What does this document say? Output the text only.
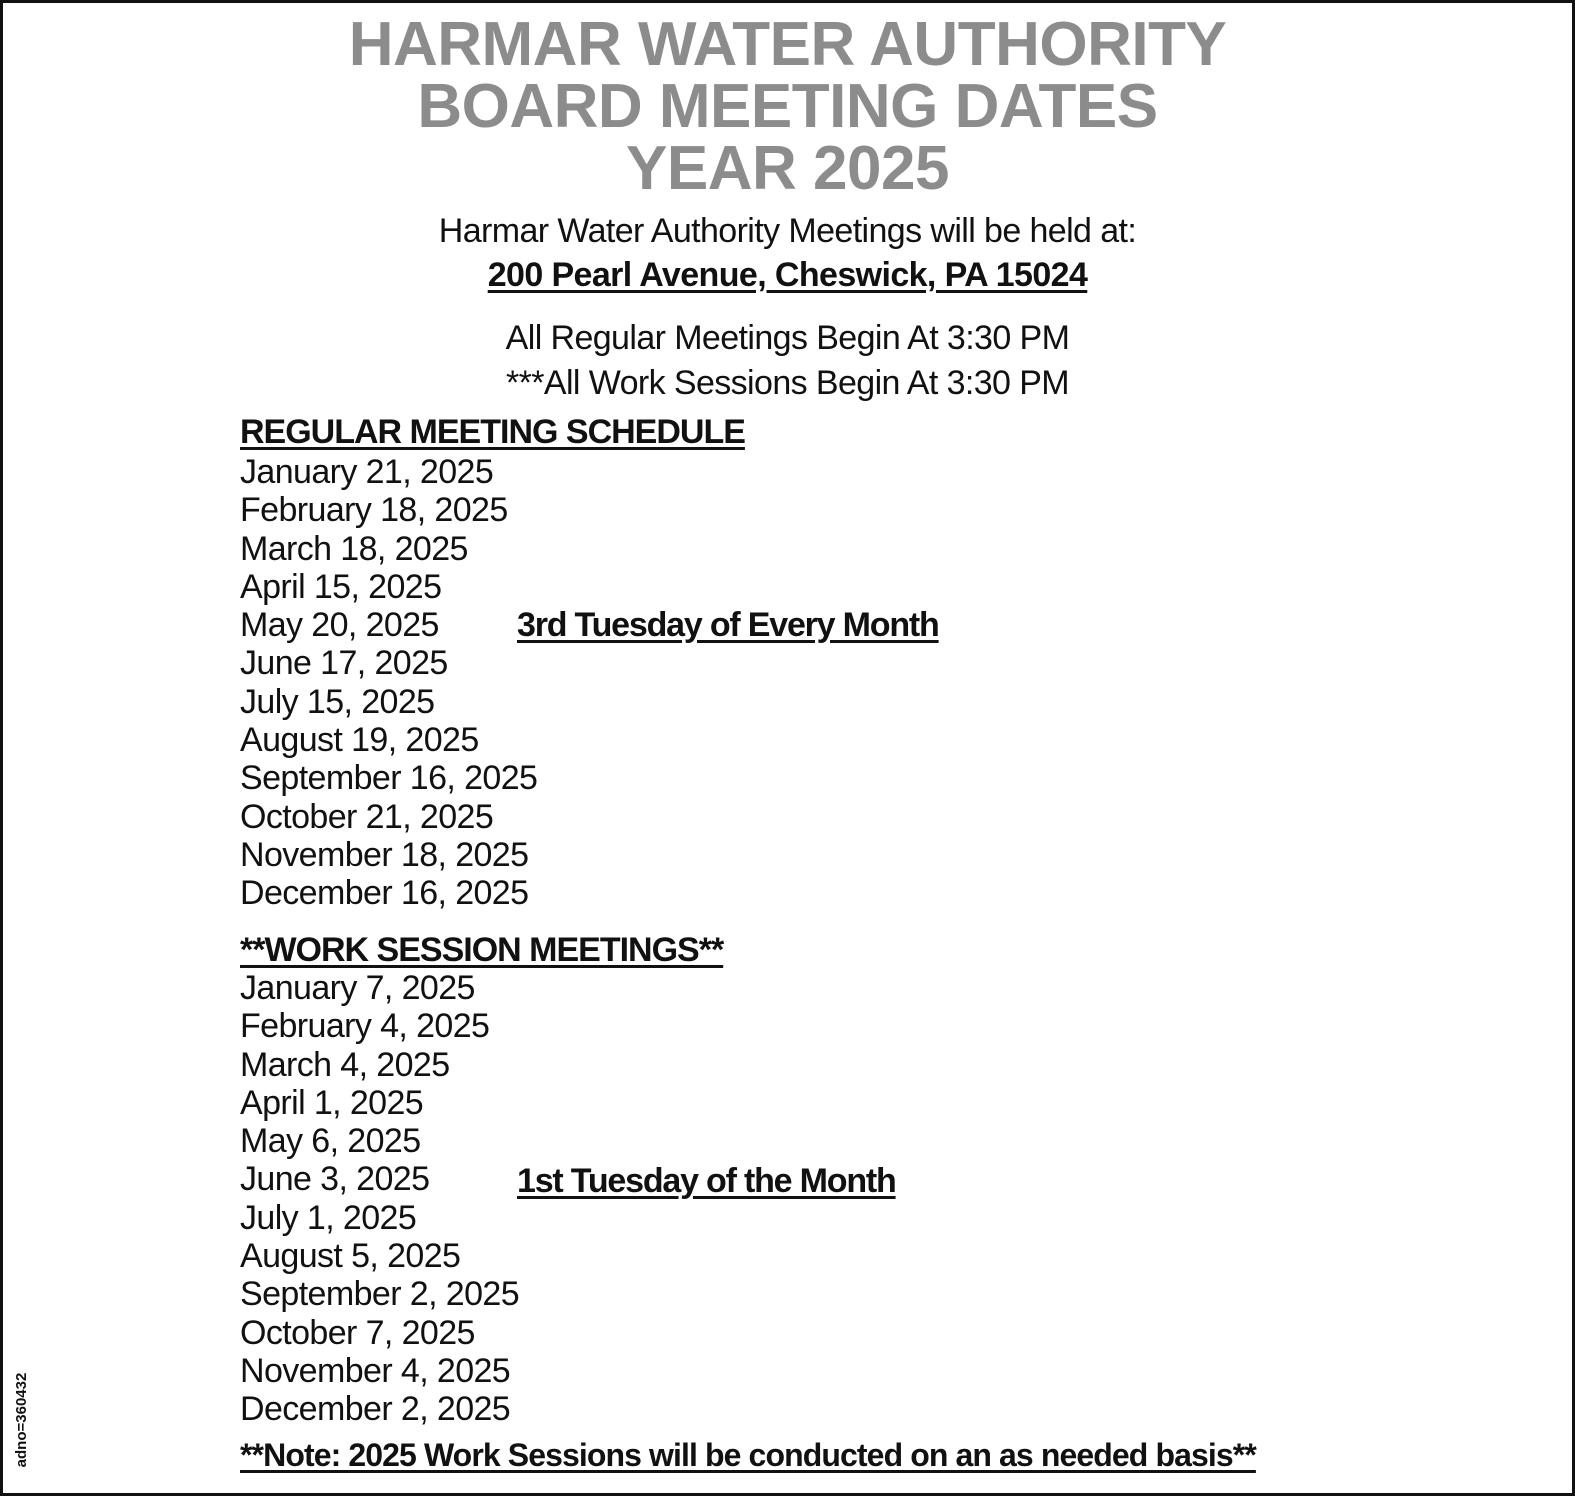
HARMAR WATER AUTHORITY
BOARD MEETING DATES
YEAR 2025
Harmar Water Authority Meetings will be held at:
200 Pearl Avenue, Cheswick, PA 15024
All Regular Meetings Begin At 3:30 PM
***All Work Sessions Begin At 3:30 PM
REGULAR MEETING SCHEDULE
January 21, 2025
February 18, 2025
March 18, 2025
April 15, 2025
May 20, 2025
June 17, 2025
July 15, 2025
August 19, 2025
September 16, 2025
October 21, 2025
November 18, 2025
December 16, 2025
3rd Tuesday of Every Month
**WORK SESSION MEETINGS**
January 7, 2025
February 4, 2025
March 4, 2025
April 1, 2025
May 6, 2025
June 3, 2025
July 1, 2025
August 5, 2025
September 2, 2025
October 7, 2025
November 4, 2025
December 2, 2025
1st Tuesday of the Month
**Note: 2025 Work Sessions will be conducted on an as needed basis**
adno=360432
